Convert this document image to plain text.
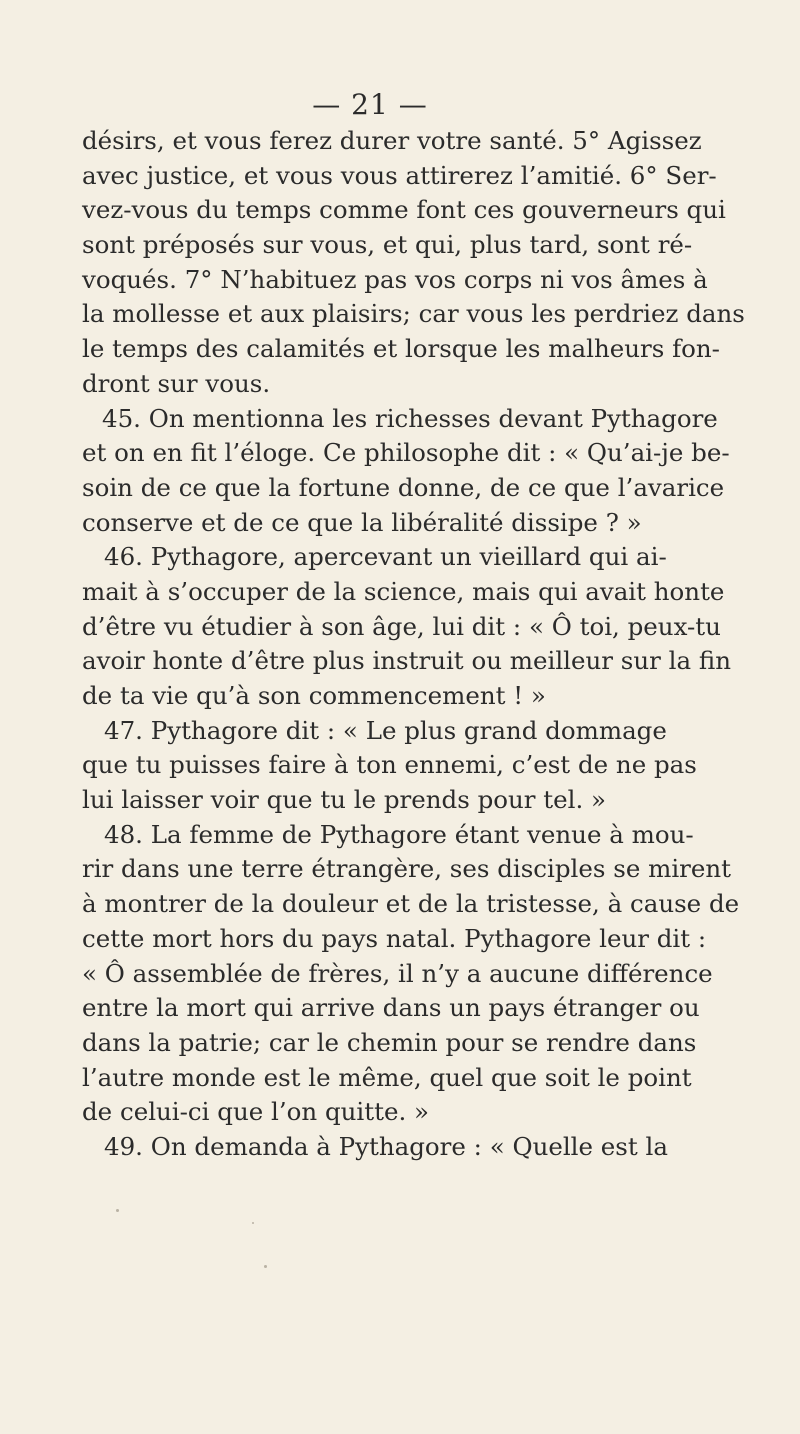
— 21 —
désirs, et vous ferez durer votre santé. 5° Agissez
avec justice, et vous vous attirerez l’amitié. 6° Ser-
vez-vous du temps comme font ces gouverneurs qui
sont préposés sur vous, et qui, plus tard, sont ré-
voqués. 7° N’habituez pas vos corps ni vos âmes à
la mollesse et aux plaisirs; car vous les perdriez dans
le temps des calamités et lorsque les malheurs fon-
dront sur vous.
45. On mentionna les richesses devant Pythagore
et on en fit l’éloge. Ce philosophe dit : « Qu’ai-je be-
soin de ce que la fortune donne, de ce que l’avarice
conserve et de ce que la libéralité dissipe ? »
46. Pythagore, apercevant un vieillard qui ai-
mait à s’occuper de la science, mais qui avait honte
d’être vu étudier à son âge, lui dit : « Ô toi, peux-tu
avoir honte d’être plus instruit ou meilleur sur la fin
de ta vie qu’à son commencement ! »
47. Pythagore dit : « Le plus grand dommage
que tu puisses faire à ton ennemi, c’est de ne pas
lui laisser voir que tu le prends pour tel. »
48. La femme de Pythagore étant venue à mou-
rir dans une terre étrangère, ses disciples se mirent
à montrer de la douleur et de la tristesse, à cause de
cette mort hors du pays natal. Pythagore leur dit :
« Ô assemblée de frères, il n’y a aucune différence
entre la mort qui arrive dans un pays étranger ou
dans la patrie; car le chemin pour se rendre dans
l’autre monde est le même, quel que soit le point
de celui-ci que l’on quitte. »
49. On demanda à Pythagore : « Quelle est la
